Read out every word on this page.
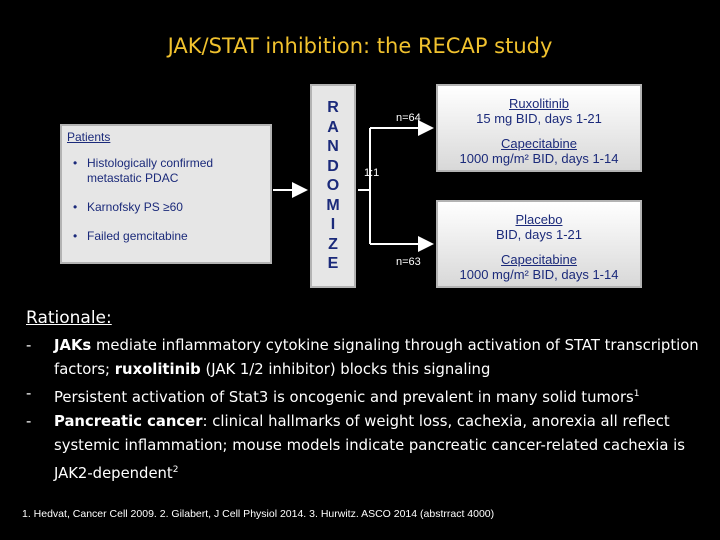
JAK/STAT inhibition: the RECAP study
Patients
• Histologically confirmed metastatic PDAC
• Karnofsky PS ≥60
• Failed gemcitabine
R
A
N
D
O
M
I
Z
E
1:1
n=64
n=63
Ruxolitinib
15 mg BID, days 1-21
Capecitabine
1000 mg/m² BID, days 1-14
Placebo
BID, days 1-21
Capecitabine
1000 mg/m² BID, days 1-14
Rationale:
- JAKs mediate inflammatory cytokine signaling through activation of STAT transcription factors; ruxolitinib (JAK 1/2 inhibitor) blocks this signaling
- Persistent activation of Stat3 is oncogenic and prevalent in many solid tumors$^1$
- Pancreatic cancer: clinical hallmarks of weight loss, cachexia, anorexia all reflect systemic inflammation; mouse models indicate pancreatic cancer-related cachexia is JAK2-dependent$^2$
1. Hedvat, Cancer Cell 2009. 2. Gilabert, J Cell Physiol 2014. 3. Hurwitz. ASCO 2014 (abstrract 4000)
